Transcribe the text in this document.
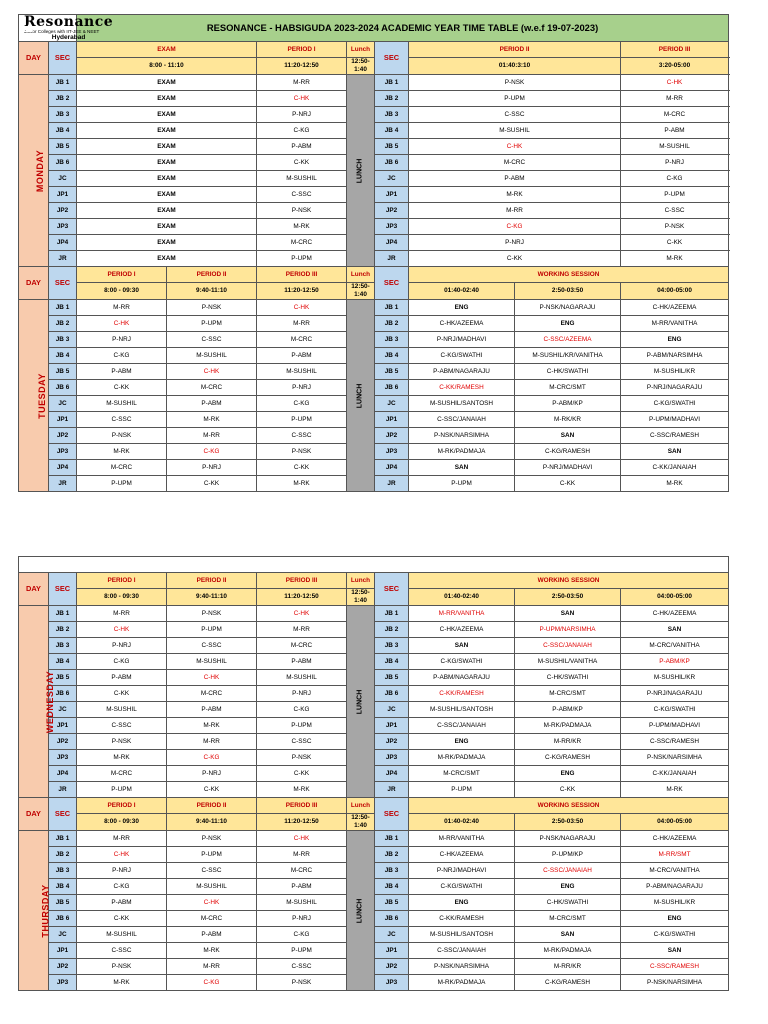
Resonance
Junior Colleges with IIT-JEE & NEET
Hyderabad		RESONANCE - HABSIGUDA 2023-2024 ACADEMIC YEAR TIME TABLE (w.e.f 19-07-2023)							
DAY	SEC	EXAM		PERIOD I	Lunch	SEC	PERIOD II		PERIOD III
		8:00 - 11:10		11:20-12:50	12:50-1:40		01:40:3:10		3:20-05:00
MONDAY	JB 1	EXAM		M-RR	LUNCH	JB 1	P-NSK		C-HK
	JB 2	EXAM		C-HK		JB 2	P-UPM		M-RR
	JB 3	EXAM		P-NRJ		JB 3	C-SSC		M-CRC
	JB 4	EXAM		C-KG		JB 4	M-SUSHIL		P-ABM
	JB 5	EXAM		P-ABM		JB 5	C-HK		M-SUSHIL
	JB 6	EXAM		C-KK		JB 6	M-CRC		P-NRJ
	JC	EXAM		M-SUSHIL		JC	P-ABM		C-KG
	JP1	EXAM		C-SSC		JP1	M-RK		P-UPM
	JP2	EXAM		P-NSK		JP2	M-RR		C-SSC
	JP3	EXAM		M-RK		JP3	C-KG		P-NSK
	JP4	EXAM		M-CRC		JP4	P-NRJ		C-KK
	JR	EXAM		P-UPM		JR	C-KK		M-RK
DAY	SEC	PERIOD I	PERIOD II	PERIOD III	Lunch	SEC	WORKING SESSION		
		8:00 - 09:30	9:40-11:10	11:20-12:50	12:50-1:40		01:40-02:40	2:50-03:50	04:00-05:00
TUESDAY	JB 1	M-RR	P-NSK	C-HK	LUNCH	JB 1	ENG	P-NSK/NAGARAJU	C-HK/AZEEMA
	JB 2	C-HK	P-UPM	M-RR		JB 2	C-HK/AZEEMA	ENG	M-RR/VANITHA
	JB 3	P-NRJ	C-SSC	M-CRC		JB 3	P-NRJ/MADHAVI	C-SSC/AZEEMA	ENG
	JB 4	C-KG	M-SUSHIL	P-ABM		JB 4	C-KG/SWATHI	M-SUSHIL/KR/VANITHA	P-ABM/NARSIMHA
	JB 5	P-ABM	C-HK	M-SUSHIL		JB 5	P-ABM/NAGARAJU	C-HK/SWATHI	M-SUSHIL/KR
	JB 6	C-KK	M-CRC	P-NRJ		JB 6	C-KK/RAMESH	M-CRC/SMT	P-NRJ/NAGARAJU
	JC	M-SUSHIL	P-ABM	C-KG		JC	M-SUSHIL/SANTOSH	P-ABM/KP	C-KG/SWATHI
	JP1	C-SSC	M-RK	P-UPM		JP1	C-SSC/JANAIAH	M-RK/KR	P-UPM/MADHAVI
	JP2	P-NSK	M-RR	C-SSC		JP2	P-NSK/NARSIMHA	SAN	C-SSC/RAMESH
	JP3	M-RK	C-KG	P-NSK		JP3	M-RK/PADMAJA	C-KG/RAMESH	SAN
	JP4	M-CRC	P-NRJ	C-KK		JP4	SAN	P-NRJ/MADHAVI	C-KK/JANAIAH
	JR	P-UPM	C-KK	M-RK		JR	P-UPM	C-KK	M-RK

DAY	SEC	PERIOD I	PERIOD II	PERIOD III	Lunch	SEC	WORKING SESSION		
		8:00 - 09:30	9:40-11:10	11:20-12:50	12:50-1:40		01:40-02:40	2:50-03:50	04:00-05:00
WEDNESDAY	JB 1	M-RR	P-NSK	C-HK	LUNCH	JB 1	M-RR/VANITHA	SAN	C-HK/AZEEMA
	JB 2	C-HK	P-UPM	M-RR		JB 2	C-HK/AZEEMA	P-UPM/NARSIMHA	SAN
	JB 3	P-NRJ	C-SSC	M-CRC		JB 3	SAN	C-SSC/JANAIAH	M-CRC/VANITHA
	JB 4	C-KG	M-SUSHIL	P-ABM		JB 4	C-KG/SWATHI	M-SUSHIL/VANITHA	P-ABM/KP
	JB 5	P-ABM	C-HK	M-SUSHIL		JB 5	P-ABM/NAGARAJU	C-HK/SWATHI	M-SUSHIL/KR
	JB 6	C-KK	M-CRC	P-NRJ		JB 6	C-KK/RAMESH	M-CRC/SMT	P-NRJ/NAGARAJU
	JC	M-SUSHIL	P-ABM	C-KG		JC	M-SUSHIL/SANTOSH	P-ABM/KP	C-KG/SWATHI
	JP1	C-SSC	M-RK	P-UPM		JP1	C-SSC/JANAIAH	M-RK/PADMAJA	P-UPM/MADHAVI
	JP2	P-NSK	M-RR	C-SSC		JP2	ENG	M-RR/KR	C-SSC/RAMESH
	JP3	M-RK	C-KG	P-NSK		JP3	M-RK/PADMAJA	C-KG/RAMESH	P-NSK/NARSIMHA
	JP4	M-CRC	P-NRJ	C-KK		JP4	M-CRC/SMT	ENG	C-KK/JANAIAH
	JR	P-UPM	C-KK	M-RK		JR	P-UPM	C-KK	M-RK
DAY	SEC	PERIOD I	PERIOD II	PERIOD III	Lunch	SEC	WORKING SESSION		
		8:00 - 09:30	9:40-11:10	11:20-12:50	12:50-1:40		01:40-02:40	2:50-03:50	04:00-05:00
THURSDAY	JB 1	M-RR	P-NSK	C-HK	LUNCH	JB 1	M-RR/VANITHA	P-NSK/NAGARAJU	C-HK/AZEEMA
	JB 2	C-HK	P-UPM	M-RR		JB 2	C-HK/AZEEMA	P-UPM/KP	M-RR/SMT
	JB 3	P-NRJ	C-SSC	M-CRC		JB 3	P-NRJ/MADHAVI	C-SSC/JANAIAH	M-CRC/VANITHA
	JB 4	C-KG	M-SUSHIL	P-ABM		JB 4	C-KG/SWATHI	ENG	P-ABM/NAGARAJU
	JB 5	P-ABM	C-HK	M-SUSHIL		JB 5	ENG	C-HK/SWATHI	M-SUSHIL/KR
	JB 6	C-KK	M-CRC	P-NRJ		JB 6	C-KK/RAMESH	M-CRC/SMT	ENG
	JC	M-SUSHIL	P-ABM	C-KG		JC	M-SUSHIL/SANTOSH	SAN	C-KG/SWATHI
	JP1	C-SSC	M-RK	P-UPM		JP1	C-SSC/JANAIAH	M-RK/PADMAJA	SAN
	JP2	P-NSK	M-RR	C-SSC		JP2	P-NSK/NARSIMHA	M-RR/KR	C-SSC/RAMESH
	JP3	M-RK	C-KG	P-NSK		JP3	M-RK/PADMAJA	C-KG/RAMESH	P-NSK/NARSIMHA
